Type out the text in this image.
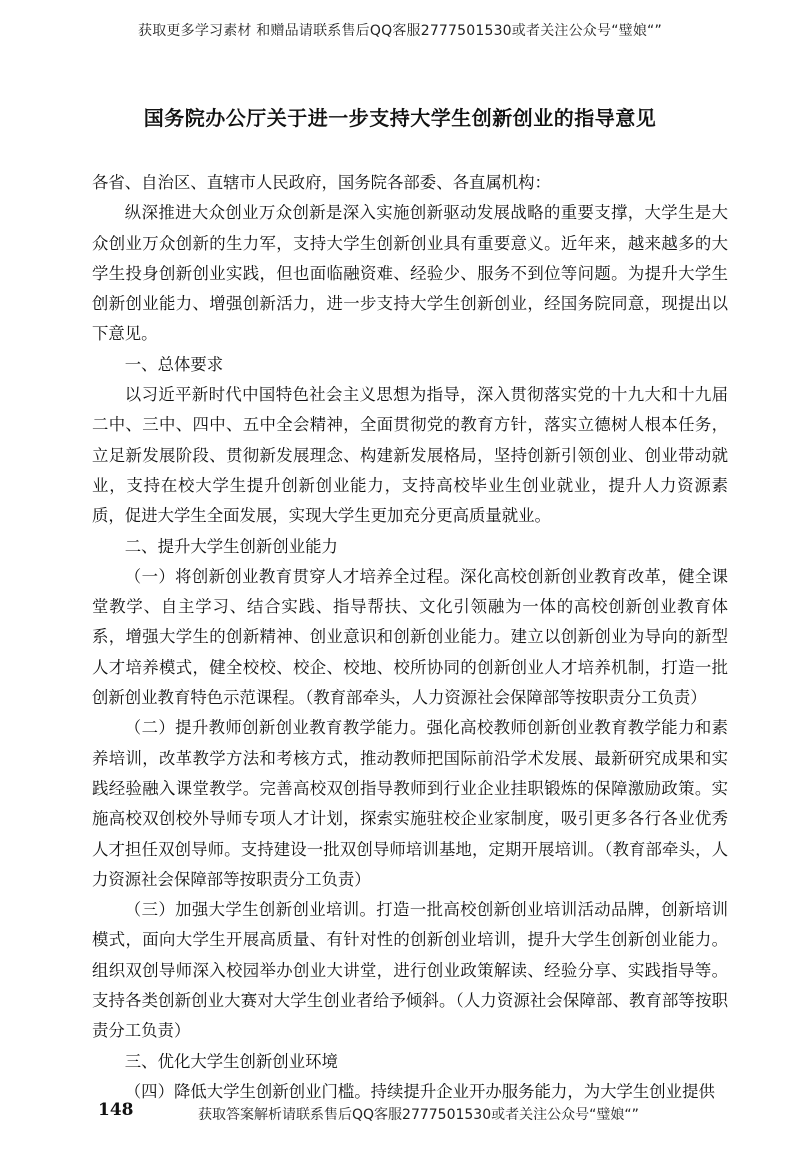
获取更多学习素材 和赠品请联系售后QQ客服2777501530或者关注公众号“璧娘“”
国务院办公厅关于进一步支持大学生创新创业的指导意见

各省、自治区、直辖市人民政府，国务院各部委、各直属机构：

纵深推进大众创业万众创新是深入实施创新驱动发展战略的重要支撑，大学生是大众创业万众创新的生力军，支持大学生创新创业具有重要意义。近年来，越来越多的大学生投身创新创业实践，但也面临融资难、经验少、服务不到位等问题。为提升大学生创新创业能力、增强创新活力，进一步支持大学生创新创业，经国务院同意，现提出以下意见。

一、总体要求

以习近平新时代中国特色社会主义思想为指导，深入贯彻落实党的十九大和十九届二中、三中、四中、五中全会精神，全面贯彻党的教育方针，落实立德树人根本任务，立足新发展阶段、贯彻新发展理念、构建新发展格局，坚持创新引领创业、创业带动就业，支持在校大学生提升创新创业能力，支持高校毕业生创业就业，提升人力资源素质，促进大学生全面发展，实现大学生更加充分更高质量就业。

二、提升大学生创新创业能力

（一）将创新创业教育贯穿人才培养全过程。深化高校创新创业教育改革，健全课堂教学、自主学习、结合实践、指导帮扶、文化引领融为一体的高校创新创业教育体系，增强大学生的创新精神、创业意识和创新创业能力。建立以创新创业为导向的新型人才培养模式，健全校校、校企、校地、校所协同的创新创业人才培养机制，打造一批创新创业教育特色示范课程。（教育部牵头，人力资源社会保障部等按职责分工负责）

（二）提升教师创新创业教育教学能力。强化高校教师创新创业教育教学能力和素养培训，改革教学方法和考核方式，推动教师把国际前沿学术发展、最新研究成果和实践经验融入课堂教学。完善高校双创指导教师到行业企业挂职锻炼的保障激励政策。实施高校双创校外导师专项人才计划，探索实施驻校企业家制度，吸引更多各行各业优秀人才担任双创导师。支持建设一批双创导师培训基地，定期开展培训。（教育部牵头，人力资源社会保障部等按职责分工负责）

（三）加强大学生创新创业培训。打造一批高校创新创业培训活动品牌，创新培训模式，面向大学生开展高质量、有针对性的创新创业培训，提升大学生创新创业能力。组织双创导师深入校园举办创业大讲堂，进行创业政策解读、经验分享、实践指导等。支持各类创新创业大赛对大学生创业者给予倾斜。（人力资源社会保障部、教育部等按职责分工负责）

三、优化大学生创新创业环境

（四）降低大学生创新创业门槛。持续提升企业开办服务能力，为大学生创业提供

148	获取答案解析请联系售后QQ客服2777501530或者关注公众号“璧娘“”
